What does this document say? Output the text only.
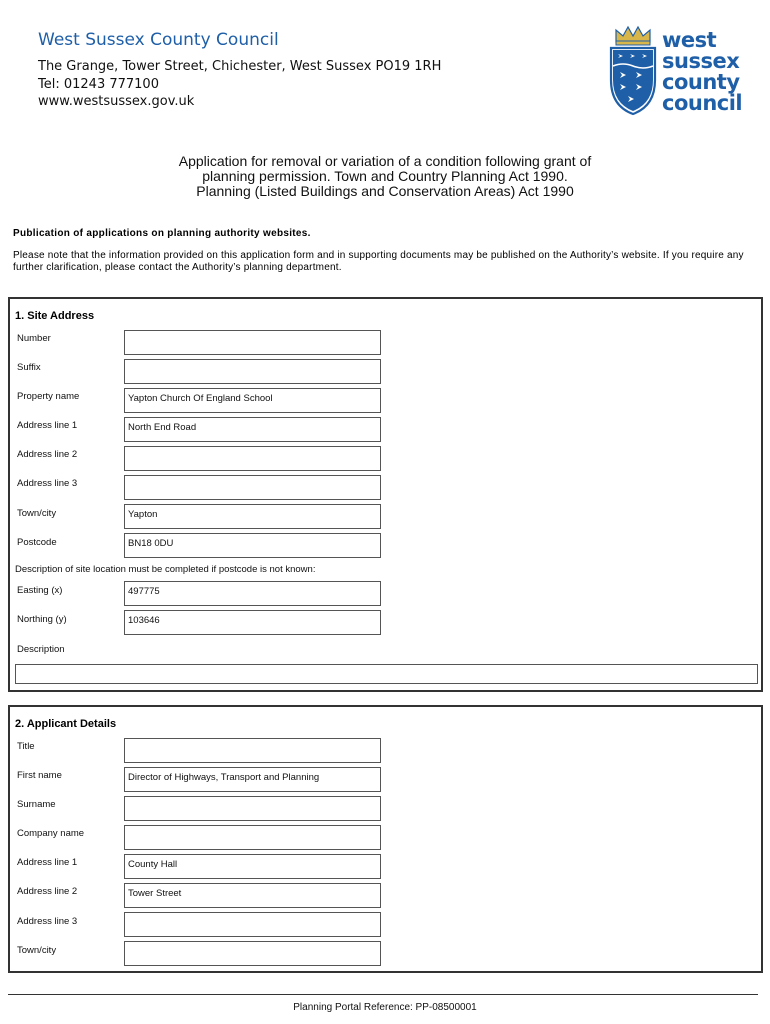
West Sussex County Council
The Grange, Tower Street, Chichester, West Sussex PO19 1RH
Tel: 01243 777100
www.westsussex.gov.uk
west
sussex
county
council
Application for removal or variation of a condition following grant of
planning permission. Town and Country Planning Act 1990.
Planning (Listed Buildings and Conservation Areas) Act 1990
Publication of applications on planning authority websites.
Please note that the information provided on this application form and in supporting documents may be published on the Authority’s website. If you require any further clarification, please contact the Authority’s planning department.
1. Site Address
Number
Suffix
Property name	Yapton Church Of England School
Address line 1	North End Road
Address line 2
Address line 3
Town/city	Yapton
Postcode	BN18 0DU
Description of site location must be completed if postcode is not known:
Easting (x)	497775
Northing (y)	103646
Description
2. Applicant Details
Title
First name	Director of Highways, Transport and Planning
Surname
Company name
Address line 1	County Hall
Address line 2	Tower Street
Address line 3
Town/city
Planning Portal Reference: PP-08500001
